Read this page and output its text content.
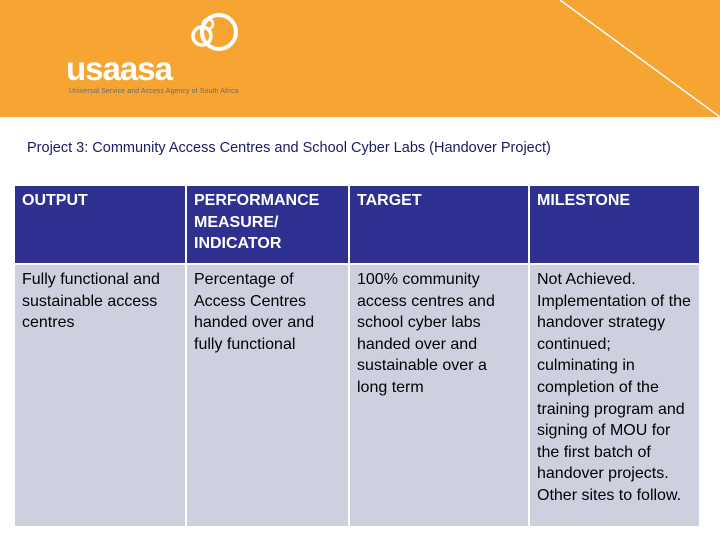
usaasa
Universal Service and Access Agency of South Africa
Project 3: Community Access Centres and School Cyber Labs (Handover Project)
OUTPUT	PERFORMANCE MEASURE/ INDICATOR	TARGET	MILESTONE
Fully functional and sustainable access centres	Percentage of Access Centres handed over and fully functional	100% community access centres and school cyber labs handed over and sustainable over a long term	Not Achieved. Implementation of the handover strategy continued; culminating in completion of the training program and signing of MOU for the first batch of handover projects. Other sites to follow.
